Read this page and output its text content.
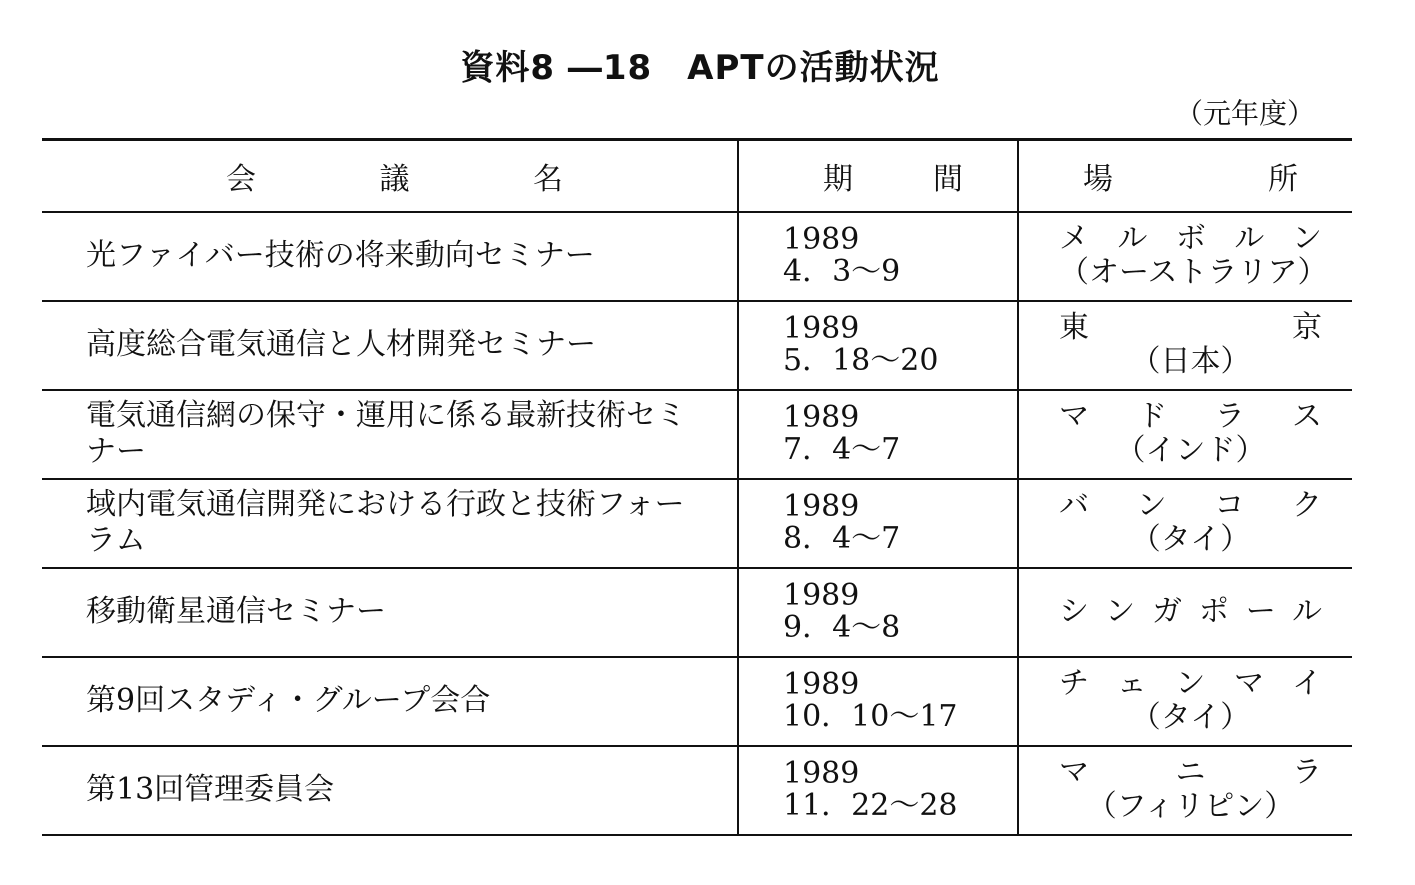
資料8 ―18　APTの活動状況
（元年度）
会 議 名	期 間	場 所

光ファイバー技術の将来動向セミナー	1989
4．3～9	メルボルン
（オーストラリア）

高度総合電気通信と人材開発セミナー	1989
5．18～20	東京
（日本）

電気通信網の保守・運用に係る最新技術セミナー	1989
7．4～7	マドラス
（インド）

域内電気通信開発における行政と技術フォーラム	1989
8．4～7	バンコク
（タイ）

移動衛星通信セミナー	1989
9．4～8	シンガポール

第9回スタディ・グループ会合	1989
10．10～17	チェンマイ
（タイ）

第13回管理委員会	1989
11．22～28	マニラ
（フィリピン）
